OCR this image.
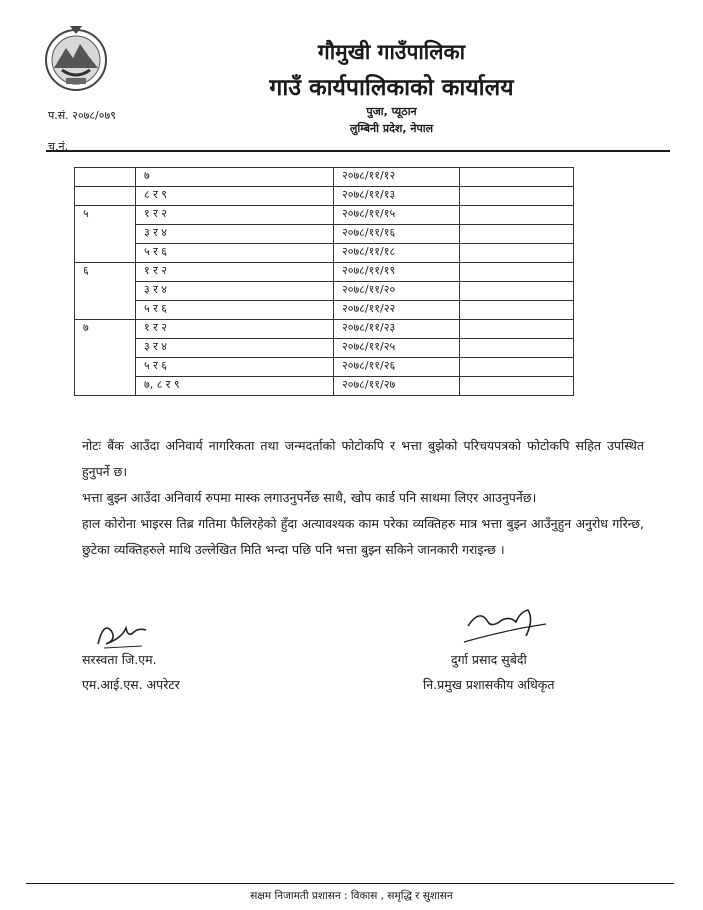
गौमुखी गाउँपालिका
गाउँ कार्यपालिकाको कार्यालय
पुजा, प्यूठान
लुम्बिनी प्रदेश, नेपाल
प.सं. २०७८/०७९
च.नं.
	७	२०७८/११/१२	
	८ र ९	२०७८/११/१३	
५	१ र २	२०७८/११/१५	
	३ र ४	२०७८/११/१६	
	५ र ६	२०७८/११/१८	
६	१ र २	२०७८/११/१९	
	३ र ४	२०७८/११/२०	
	५ र ६	२०७८/११/२२	
७	१ र २	२०७८/११/२३	
	३ र ४	२०७८/११/२५	
	५ र ६	२०७८/११/२६	
	७, ८ र ९	२०७८/११/२७	

नोटः बैंक आउँदा अनिवार्य नागरिकता तथा जन्मदर्ताको फोटोकपि र भत्ता बुझेको परिचयपत्रको फोटोकपि सहित उपस्थित हुनुपर्ने छ।

भत्ता बुझ्न आउँदा अनिवार्य रुपमा मास्क लगाउनुपर्नेछ साथै, खोप कार्ड पनि साथमा लिएर आउनुपर्नेछ।

हाल कोरोना भाइरस तिब्र गतिमा फैलिरहेको हुँदा अत्यावश्यक काम परेका व्यक्तिहरु मात्र भत्ता बुझ्न आउँनुहुन अनुरोध गरिन्छ, छुटेका व्यक्तिहरुले माथि उल्लेखित मिति भन्दा पछि पनि भत्ता बुझ्न सकिने जानकारी गराइन्छ ।

सरस्वता जि.एम.
एम.आई.एस. अपरेटर
दुर्गा प्रसाद सुबेदी
नि.प्रमुख प्रशासकीय अधिकृत
सक्षम निजामती प्रशासन : विकास , समृद्धि र सुशासन
